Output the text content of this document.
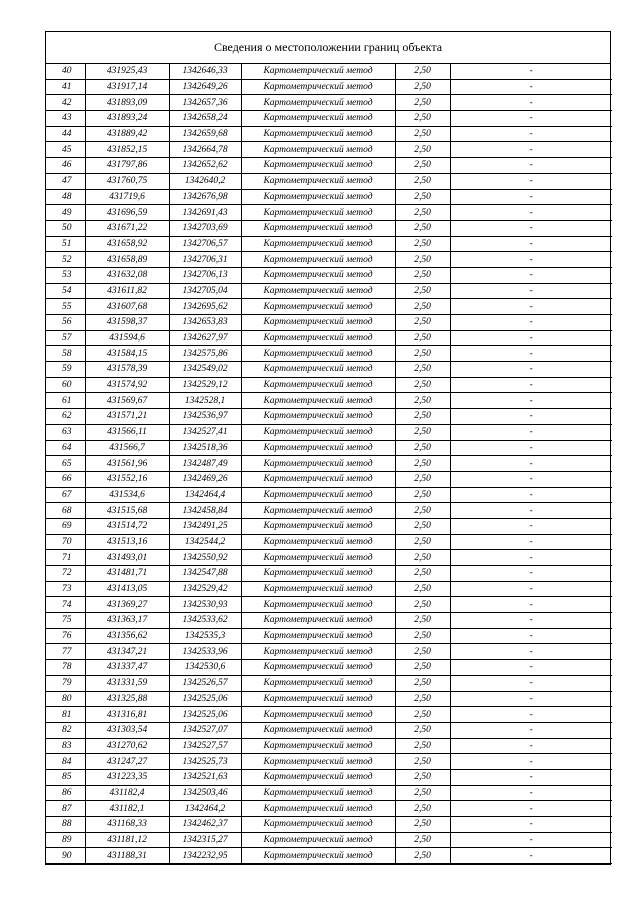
Сведения о местоположении границ объекта
40	431925,43	1342646,33	Картометрический метод	2,50	-
41	431917,14	1342649,26	Картометрический метод	2,50	-
42	431893,09	1342657,36	Картометрический метод	2,50	-
43	431893,24	1342658,24	Картометрический метод	2,50	-
44	431889,42	1342659,68	Картометрический метод	2,50	-
45	431852,15	1342664,78	Картометрический метод	2,50	-
46	431797,86	1342652,62	Картометрический метод	2,50	-
47	431760,75	1342640,2	Картометрический метод	2,50	-
48	431719,6	1342676,98	Картометрический метод	2,50	-
49	431696,59	1342691,43	Картометрический метод	2,50	-
50	431671,22	1342703,69	Картометрический метод	2,50	-
51	431658,92	1342706,57	Картометрический метод	2,50	-
52	431658,89	1342706,31	Картометрический метод	2,50	-
53	431632,08	1342706,13	Картометрический метод	2,50	-
54	431611,82	1342705,04	Картометрический метод	2,50	-
55	431607,68	1342695,62	Картометрический метод	2,50	-
56	431598,37	1342653,83	Картометрический метод	2,50	-
57	431594,6	1342627,97	Картометрический метод	2,50	-
58	431584,15	1342575,86	Картометрический метод	2,50	-
59	431578,39	1342549,02	Картометрический метод	2,50	-
60	431574,92	1342529,12	Картометрический метод	2,50	-
61	431569,67	1342528,1	Картометрический метод	2,50	-
62	431571,21	1342536,97	Картометрический метод	2,50	-
63	431566,11	1342527,41	Картометрический метод	2,50	-
64	431566,7	1342518,36	Картометрический метод	2,50	-
65	431561,96	1342487,49	Картометрический метод	2,50	-
66	431552,16	1342469,26	Картометрический метод	2,50	-
67	431534,6	1342464,4	Картометрический метод	2,50	-
68	431515,68	1342458,84	Картометрический метод	2,50	-
69	431514,72	1342491,25	Картометрический метод	2,50	-
70	431513,16	1342544,2	Картометрический метод	2,50	-
71	431493,01	1342550,92	Картометрический метод	2,50	-
72	431481,71	1342547,88	Картометрический метод	2,50	-
73	431413,05	1342529,42	Картометрический метод	2,50	-
74	431369,27	1342530,93	Картометрический метод	2,50	-
75	431363,17	1342533,62	Картометрический метод	2,50	-
76	431356,62	1342535,3	Картометрический метод	2,50	-
77	431347,21	1342533,96	Картометрический метод	2,50	-
78	431337,47	1342530,6	Картометрический метод	2,50	-
79	431331,59	1342526,57	Картометрический метод	2,50	-
80	431325,88	1342525,06	Картометрический метод	2,50	-
81	431316,81	1342525,06	Картометрический метод	2,50	-
82	431303,54	1342527,07	Картометрический метод	2,50	-
83	431270,62	1342527,57	Картометрический метод	2,50	-
84	431247,27	1342525,73	Картометрический метод	2,50	-
85	431223,35	1342521,63	Картометрический метод	2,50	-
86	431182,4	1342503,46	Картометрический метод	2,50	-
87	431182,1	1342464,2	Картометрический метод	2,50	-
88	431168,33	1342462,37	Картометрический метод	2,50	-
89	431181,12	1342315,27	Картометрический метод	2,50	-
90	431188,31	1342232,95	Картометрический метод	2,50	-
